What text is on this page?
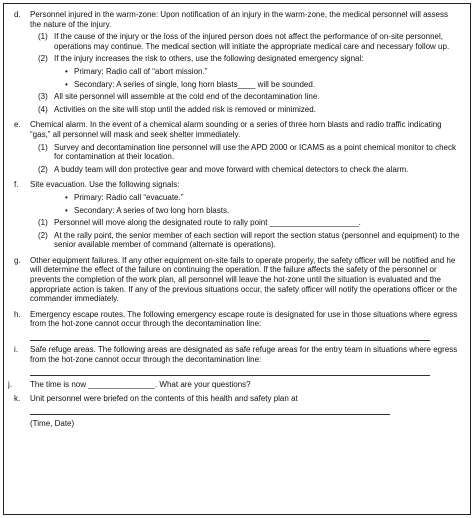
d. Personnel injured in the warm-zone: Upon notification of an injury in the warm-zone, the medical personnel will assess the nature of the injury.
(1) If the cause of the injury or the loss of the injured person does not affect the performance of on-site personnel, operations may continue. The medical section will initiate the appropriate medical care and necessary follow up.
(2) If the injury increases the risk to others, use the following designated emergency signal:
• Primary: Radio call of “abort mission.”
• Secondary: A series of single, long horn blasts____ will be sounded.
(3) All site personnel will assemble at the cold end of the decontamination line.
(4) Activities on the site will stop until the added risk is removed or minimized.
e. Chemical alarm. In the event of a chemical alarm sounding or a series of three horn blasts and radio traffic indicating “gas,” all personnel will mask and seek shelter immediately.
(1) Survey and decontamination line personnel will use the APD 2000 or ICAMS as a point chemical monitor to check for contamination at their location.
(2) A buddy team will don protective gear and move forward with chemical detectors to check the alarm.
f. Site evacuation. Use the following signals:
• Primary: Radio call “evacuate.”
• Secondary: A series of two long horn blasts.
(1) Personnel will move along the designated route to rally point ____________________.
(2) At the rally point, the senior member of each section will report the section status (personnel and equipment) to the senior available member of command (alternate is operations).
g. Other equipment failures. If any other equipment on-site fails to operate properly, the safety officer will be notified and he will determine the effect of the failure on continuing the operation. If the failure affects the safety of the personnel or prevents the completion of the work plan, all personnel will leave the hot-zone until the situation is evaluated and the appropriate action is taken. If any of the previous situations occur, the safety officer will notify the operations officer or the commander immediately.
h. Emergency escape routes. The following emergency escape route is designated for use in those situations where egress from the hot-zone cannot occur through the decontamination line:
i. Safe refuge areas. The following areas are designated as safe refuge areas for the entry team in situations where egress from the hot-zone cannot occur through the decontamination line:
j. The time is now _______________. What are your questions?
k. Unit personnel were briefed on the contents of this health and safety plan at
(Time, Date)
